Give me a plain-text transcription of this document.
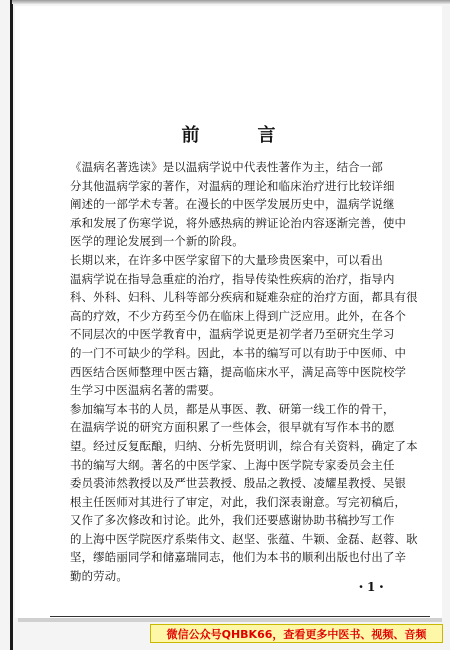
前　言

《温病名著选读》是以温病学说中代表性著作为主，结合一部
分其他温病学家的著作，对温病的理论和临床治疗进行比较详细
阐述的一部学术专著。在漫长的中医学发展历史中，温病学说继
承和发展了伤寒学说，将外感热病的辨证论治内容逐渐完善，使中
医学的理论发展到一个新的阶段。

长期以来，在许多中医学家留下的大量珍贵医案中，可以看出
温病学说在指导急重症的治疗，指导传染性疾病的治疗，指导内
科、外科、妇科、儿科等部分疾病和疑难杂症的治疗方面，都具有很
高的疗效，不少方药至今仍在临床上得到广泛应用。此外，在各个
不同层次的中医学教育中，温病学说更是初学者乃至研究生学习
的一门不可缺少的学科。因此，本书的编写可以有助于中医师、中
西医结合医师整理中医古籍，提高临床水平，满足高等中医院校学
生学习中医温病名著的需要。

参加编写本书的人员，都是从事医、教、研第一线工作的骨干，
在温病学说的研究方面积累了一些体会，很早就有写作本书的愿
望。经过反复酝酿，归纳、分析先贤明训，综合有关资料，确定了本
书的编写大纲。著名的中医学家、上海中医学院专家委员会主任
委员裘沛然教授以及严世芸教授、殷品之教授、凌耀星教授、吴银
根主任医师对其进行了审定，对此，我们深表谢意。写完初稿后，
又作了多次修改和讨论。此外，我们还要感谢协助书稿抄写工作
的上海中医学院医疗系柴伟文、赵坚、张蕴、牛颖、金磊、赵蓉、耿
坚，缪皓丽同学和储嘉瑞同志，他们为本书的顺利出版也付出了辛
勤的劳动。

・1・
微信公众号QHBK66，查看更多中医书、视频、音频
